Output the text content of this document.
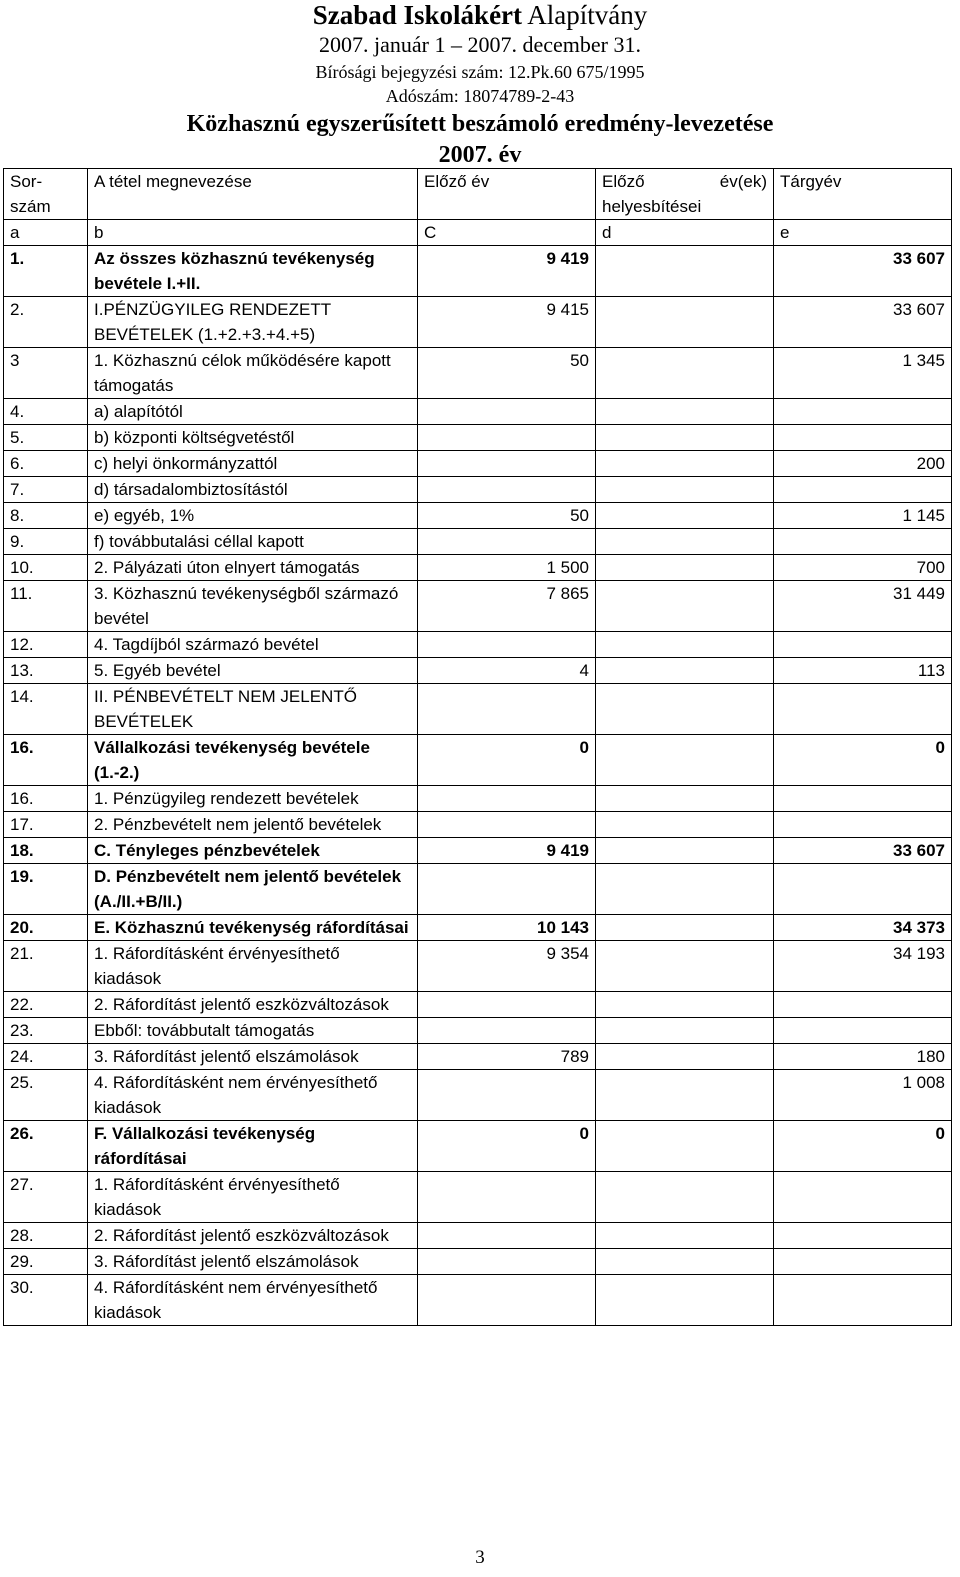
Szabad Iskolákért Alapítvány
2007. január 1 – 2007. december 31.
Bírósági bejegyzési szám: 12.Pk.60 675/1995
Adószám: 18074789-2-43
Közhasznú egyszerűsített beszámoló eredmény-levezetése
2007. év
Sor-szám	A tétel megnevezése	Előző év	Előző év(ek) helyesbítései	Tárgyév
a	b	C	d	e
1.	Az összes közhasznú tevékenység bevétele I.+II.	9 419		33 607
2.	I.PÉNZÜGYILEG RENDEZETT BEVÉTELEK (1.+2.+3.+4.+5)	9 415		33 607
3	1. Közhasznú célok működésére kapott támogatás	50		1 345
4.	a) alapítótól			
5.	b) központi költségvetéstől			
6.	c) helyi önkormányzattól			200
7.	d) társadalombiztosítástól			
8.	e) egyéb, 1%	50		1 145
9.	f) továbbutalási céllal kapott			
10.	2. Pályázati úton elnyert támogatás	1 500		700
11.	3. Közhasznú tevékenységből származó bevétel	7 865		31 449
12.	4. Tagdíjból származó bevétel			
13.	5. Egyéb bevétel	4		113
14.	II. PÉNBEVÉTELT NEM JELENTŐ BEVÉTELEK			
16.	Vállalkozási tevékenység bevétele (1.-2.)	0		0
16.	1. Pénzügyileg rendezett bevételek			
17.	2. Pénzbevételt nem jelentő bevételek			
18.	C. Tényleges pénzbevételek	9 419		33 607
19.	D. Pénzbevételt nem jelentő bevételek (A./II.+B/II.)			
20.	E. Közhasznú tevékenység ráfordításai	10 143		34 373
21.	1. Ráfordításként érvényesíthető kiadások	9 354		34 193
22.	2. Ráfordítást jelentő eszközváltozások			
23.	Ebből: továbbutalt támogatás			
24.	3. Ráfordítást jelentő elszámolások	789		180
25.	4. Ráfordításként nem érvényesíthető kiadások			1 008
26.	F. Vállalkozási tevékenység ráfordításai	0		0
27.	1. Ráfordításként érvényesíthető kiadások			
28.	2. Ráfordítást jelentő eszközváltozások			
29.	3. Ráfordítást jelentő elszámolások			
30.	4. Ráfordításként nem érvényesíthető kiadások			
3
